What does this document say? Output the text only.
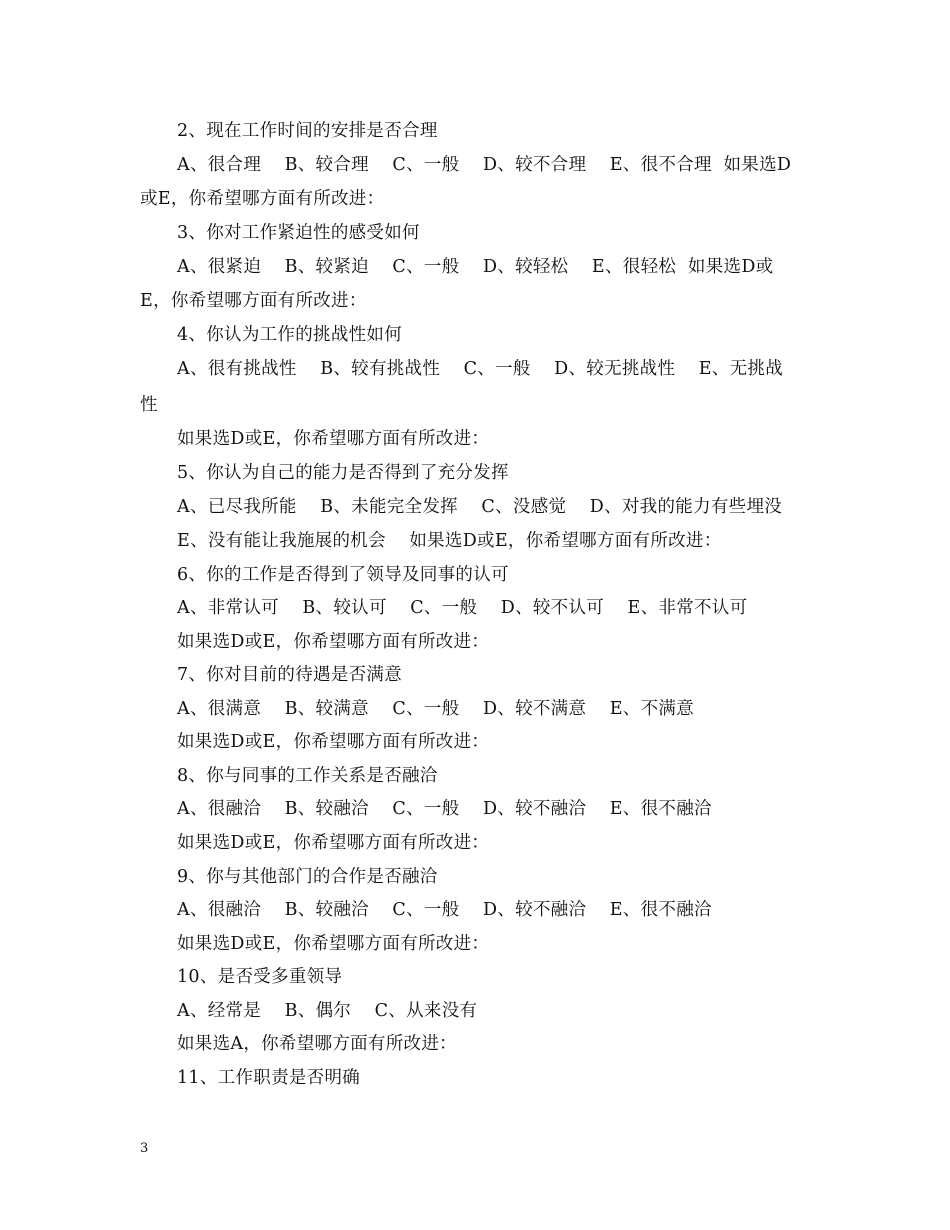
2、现在工作时间的安排是否合理
A、很合理    B、较合理    C、一般    D、较不合理    E、很不合理  如果选D
或E，你希望哪方面有所改进：
3、你对工作紧迫性的感受如何
A、很紧迫    B、较紧迫    C、一般    D、较轻松    E、很轻松  如果选D或
E，你希望哪方面有所改进：
4、你认为工作的挑战性如何
A、很有挑战性    B、较有挑战性    C、一般    D、较无挑战性    E、无挑战
性
如果选D或E，你希望哪方面有所改进：
5、你认为自己的能力是否得到了充分发挥
A、已尽我所能    B、未能完全发挥    C、没感觉    D、对我的能力有些埋没
E、没有能让我施展的机会    如果选D或E，你希望哪方面有所改进：
6、你的工作是否得到了领导及同事的认可
A、非常认可    B、较认可    C、一般    D、较不认可    E、非常不认可
如果选D或E，你希望哪方面有所改进：
7、你对目前的待遇是否满意
A、很满意    B、较满意    C、一般    D、较不满意    E、不满意
如果选D或E，你希望哪方面有所改进：
8、你与同事的工作关系是否融洽
A、很融洽    B、较融洽    C、一般    D、较不融洽    E、很不融洽
如果选D或E，你希望哪方面有所改进：
9、你与其他部门的合作是否融洽
A、很融洽    B、较融洽    C、一般    D、较不融洽    E、很不融洽
如果选D或E，你希望哪方面有所改进：
10、是否受多重领导
A、经常是    B、偶尔    C、从来没有
如果选A，你希望哪方面有所改进：
11、工作职责是否明确
3
